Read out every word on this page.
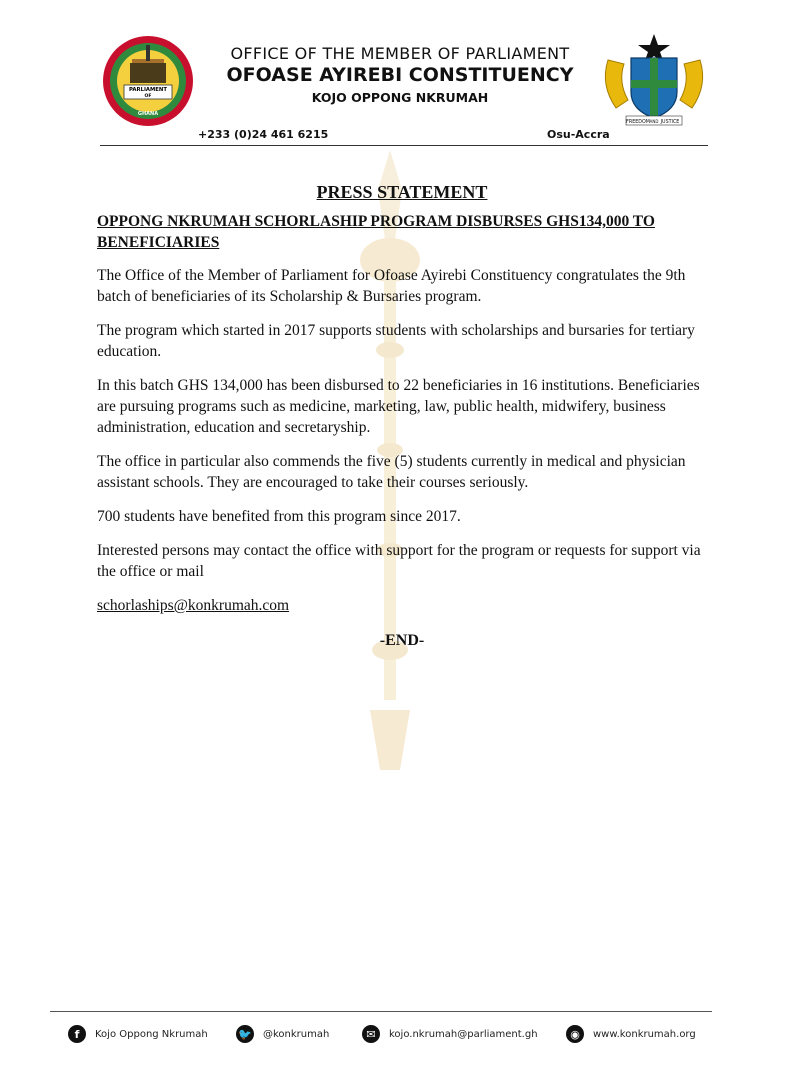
PARLIAMENT
OF
GHANA
OFFICE OF THE MEMBER OF PARLIAMENT
OFOASE AYIREBI CONSTITUENCY
KOJO OPPONG NKRUMAH
FREEDOM AND JUSTICE
+233 (0)24 461 6215	Osu-Accra
PRESS STATEMENT
OPPONG NKRUMAH SCHORLASHIP PROGRAM DISBURSES GHS134,000 TO BENEFICIARIES

The Office of the Member of Parliament for Ofoase Ayirebi Constituency congratulates the 9th batch of beneficiaries of its Scholarship & Bursaries program.

The program which started in 2017 supports students with scholarships and bursaries for tertiary education.

In this batch GHS 134,000 has been disbursed to 22 beneficiaries in 16 institutions. Beneficiaries are pursuing programs such as medicine, marketing, law, public health, midwifery, business administration, education and secretaryship.

The office in particular also commends the five (5) students currently in medical and physician assistant schools. They are encouraged to take their courses seriously.

700 students have benefited from this program since 2017.

Interested persons may contact the office with support for the program or requests for support via the office or mail

schorlaships@konkrumah.com
-END-
f	Kojo Oppong Nkrumah	🐦 @konkrumah	✉	kojo.nkrumah@parliament.gh	◉	www.konkrumah.org
